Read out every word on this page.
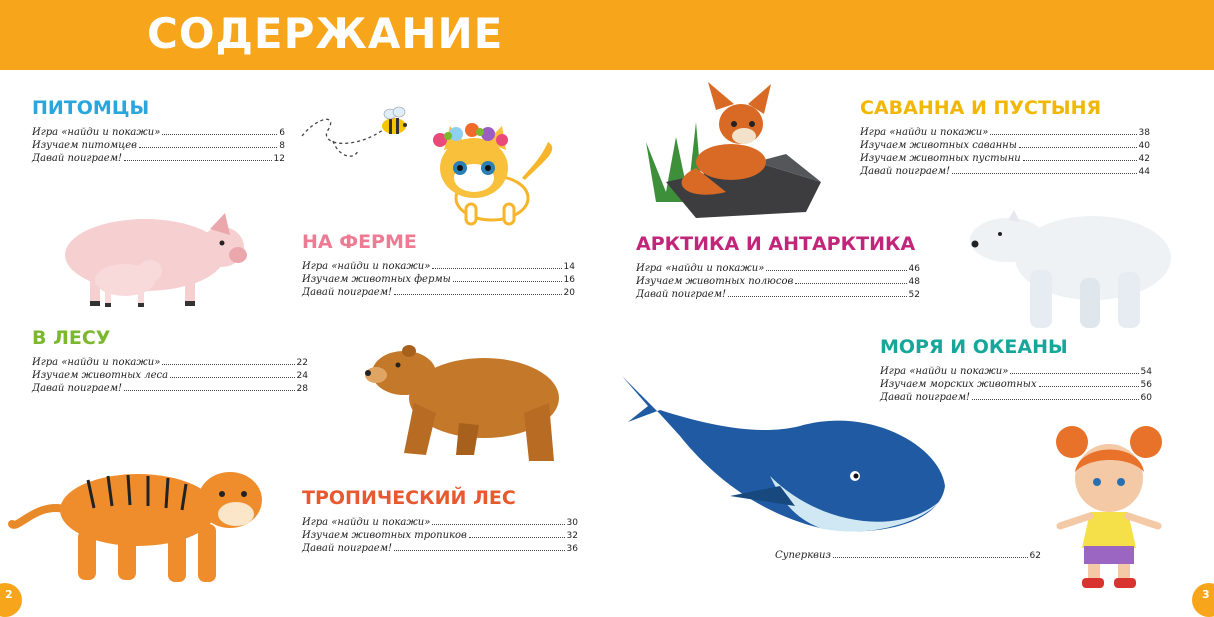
СОДЕРЖАНИЕ
ПИТОМЦЫ
Игра «найди и покажи»	6
Изучаем питомцев	8
Давай поиграем!	12
НА ФЕРМЕ
Игра «найди и покажи»	14
Изучаем животных фермы	16
Давай поиграем!	20
В ЛЕСУ
Игра «найди и покажи»	22
Изучаем животных леса	24
Давай поиграем!	28
ТРОПИЧЕСКИЙ ЛЕС
Игра «найди и покажи»	30
Изучаем животных тропиков	32
Давай поиграем!	36
САВАННА И ПУСТЫНЯ
Игра «найди и покажи»	38
Изучаем животных саванны	40
Изучаем животных пустыни	42
Давай поиграем!	44
АРКТИКА И АНТАРКТИКА
Игра «найди и покажи»	46
Изучаем животных полюсов	48
Давай поиграем!	52
МОРЯ И ОКЕАНЫ
Игра «найди и покажи»	54
Изучаем морских животных	56
Давай поиграем!	60
Суперквиз	62
2	3
